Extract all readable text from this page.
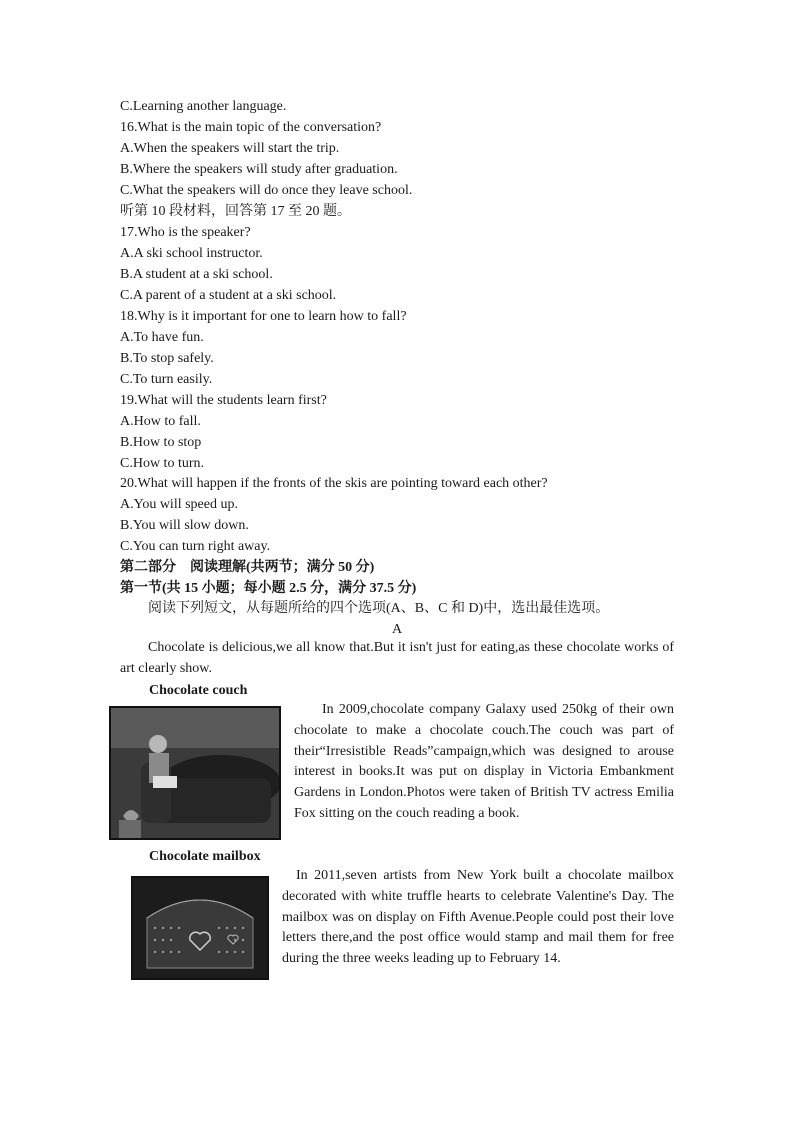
C.Learning another language.
16.What is the main topic of the conversation?
A.When the speakers will start the trip.
B.Where the speakers will study after graduation.
C.What the speakers will do once they leave school.
听第 10 段材料，回答第 17 至 20 题。
17.Who is the speaker?
A.A ski school instructor.
B.A student at a ski school.
C.A parent of a student at a ski school.
18.Why is it important for one to learn how to fall?
A.To have fun.
B.To stop safely.
C.To turn easily.
19.What will the students learn first?
A.How to fall.
B.How to stop
C.How to turn.
20.What will happen if the fronts of the skis are pointing toward each other?
A.You will speed up.
B.You will slow down.
C.You can turn right away.
第二部分　阅读理解(共两节；满分 50 分)
第一节(共 15 小题；每小题 2.5 分，满分 37.5 分)
阅读下列短文，从每题所给的四个选项(A、B、C 和 D)中，选出最佳选项。
A
Chocolate is delicious,we all know that.But it isn't just for eating,as these chocolate works of art clearly show.
Chocolate couch
In 2009,chocolate company Galaxy used 250kg of their own chocolate to make a chocolate couch.The couch was part of their“Irresistible Reads”campaign,which was designed to arouse interest in books.It was put on display in Victoria Embankment Gardens in London.Photos were taken of British TV actress Emilia Fox sitting on the couch reading a book.
Chocolate mailbox
In 2011,seven artists from New York built a chocolate mailbox decorated with white truffle hearts to celebrate Valentine's Day. The mailbox was on display on Fifth Avenue.People could post their love letters there,and the post office would stamp and mail them for free during the three weeks leading up to February 14.
